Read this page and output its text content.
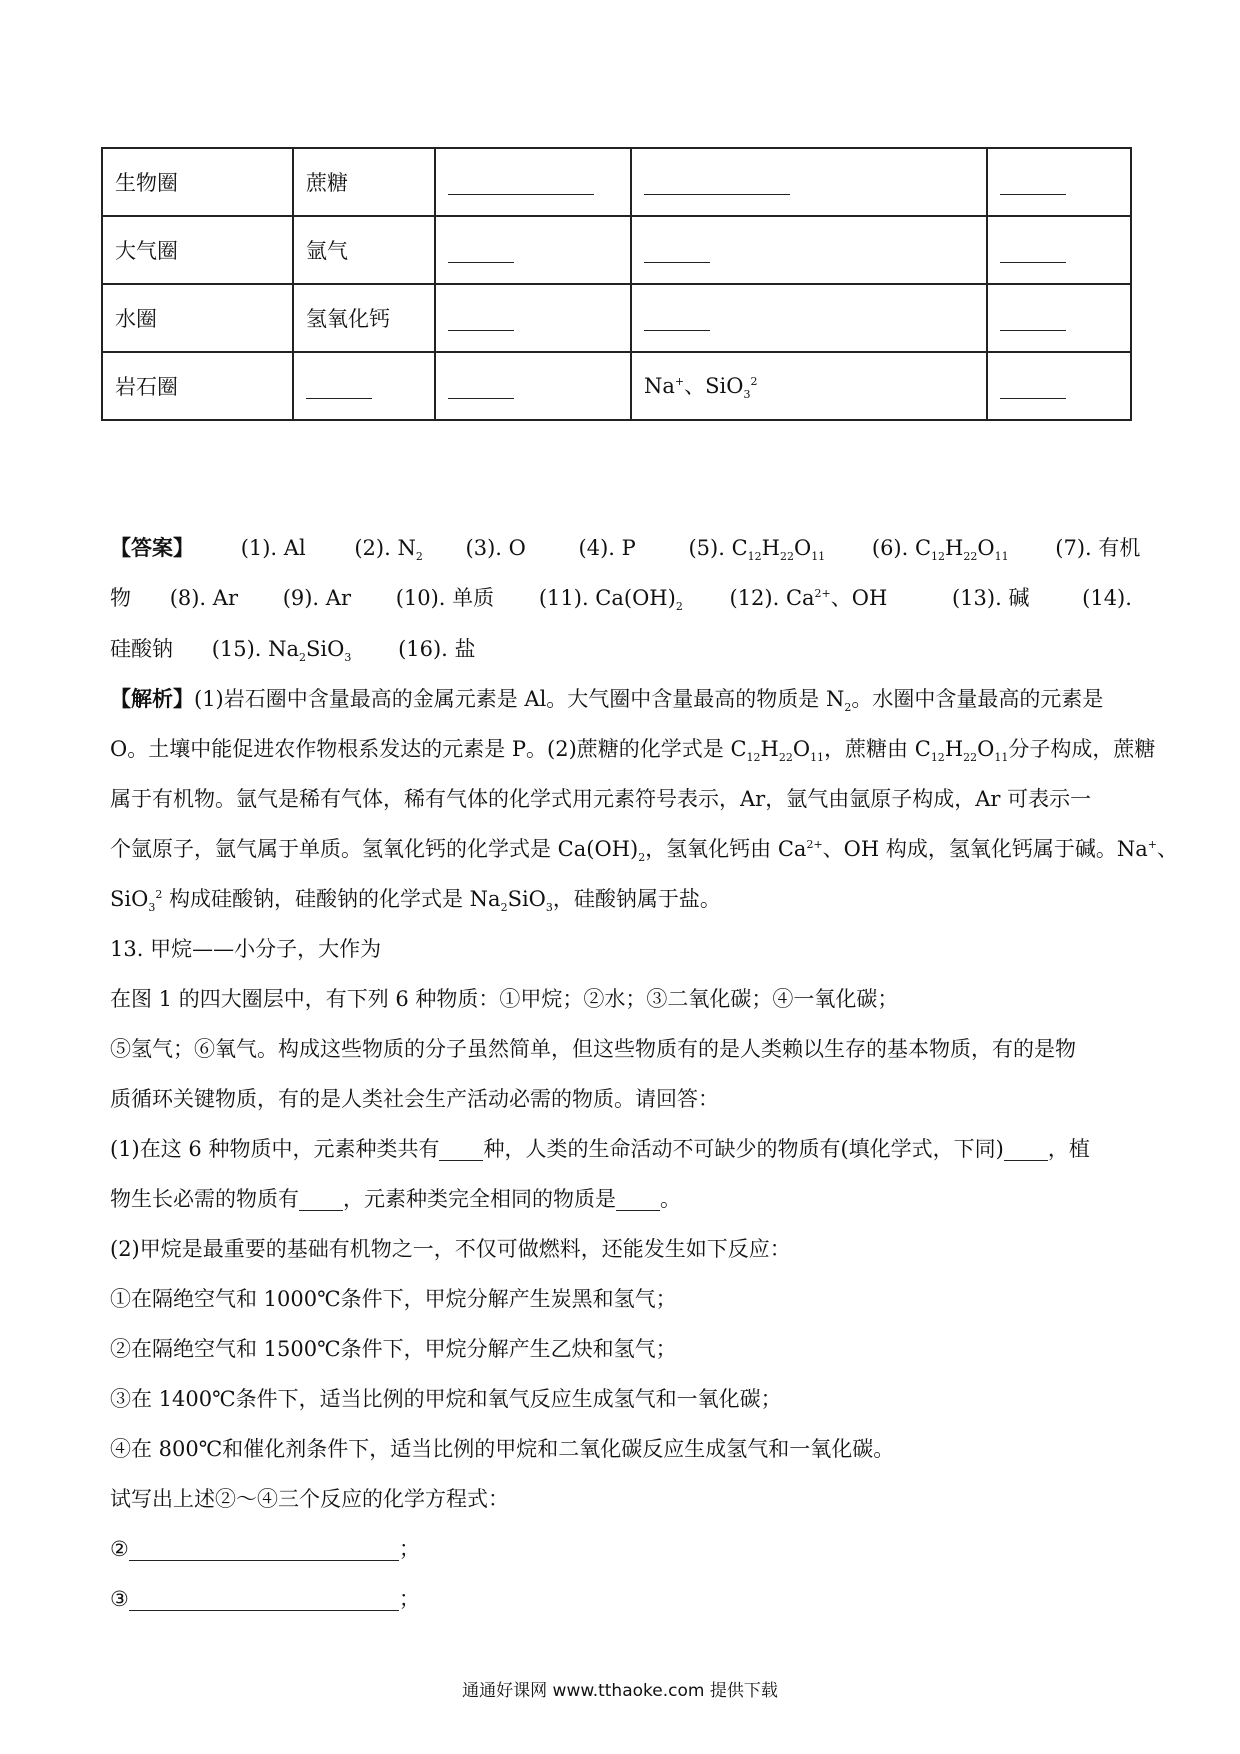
生物圈	蔗糖			
大气圈	氩气			
水圈	氢氧化钙			
岩石圈			Na+、SiO$_3^2$	
【答案】 (1). Al (2). $N_2$ (3). O	(4). P	(5). $C_{12}H_{22}O_{11}$ (6). $C_{12}H_{22}O_{11}$ (7). 有机
物 (8). Ar (9). Ar (10). 单质 (11). $Ca(OH)_2$ (12). $Ca^{2+}$、OH	(13). 碱	(14).
硅酸钠 (15). $Na_2SiO_3$ (16). 盐
【解析】(1)岩石圈中含量最高的金属元素是 Al。大气圈中含量最高的物质是 $N_2$。水圈中含量最高的元素是
O。土壤中能促进农作物根系发达的元素是 P。(2)蔗糖的化学式是 $C_{12}H_{22}O_{11}$，蔗糖由 $C_{12}H_{22}O_{11}$分子构成，蔗糖
属于有机物。氩气是稀有气体，稀有气体的化学式用元素符号表示，Ar，氩气由氩原子构成，Ar 可表示一
个氩原子，氩气属于单质。氢氧化钙的化学式是 $Ca(OH)_2$，氢氧化钙由 $Ca^{2+}$、OH 构成，氢氧化钙属于碱。Na+、
SiO$_3^2$ 构成硅酸钠，硅酸钠的化学式是 $Na_2SiO_3$，硅酸钠属于盐。
13. 甲烷——小分子，大作为
在图 1 的四大圈层中，有下列 6 种物质：①甲烷；②水；③二氧化碳；④一氧化碳；
⑤氢气；⑥氧气。构成这些物质的分子虽然简单，但这些物质有的是人类赖以生存的基本物质，有的是物
质循环关键物质，有的是人类社会生产活动必需的物质。请回答：
(1)在这 6 种物质中，元素种类共有 种，人类的生命活动不可缺少的物质有(填化学式，下同) ，植
物生长必需的物质有 ，元素种类完全相同的物质是 。
(2)甲烷是最重要的基础有机物之一，不仅可做燃料，还能发生如下反应：
①在隔绝空气和 1000℃条件下，甲烷分解产生炭黑和氢气；
②在隔绝空气和 1500℃条件下，甲烷分解产生乙炔和氢气；
③在 1400℃条件下，适当比例的甲烷和氧气反应生成氢气和一氧化碳；
④在 800℃和催化剂条件下，适当比例的甲烷和二氧化碳反应生成氢气和一氧化碳。
试写出上述②～④三个反应的化学方程式：
②	；
③	；
通通好课网 www.tthaoke.com 提供下载
